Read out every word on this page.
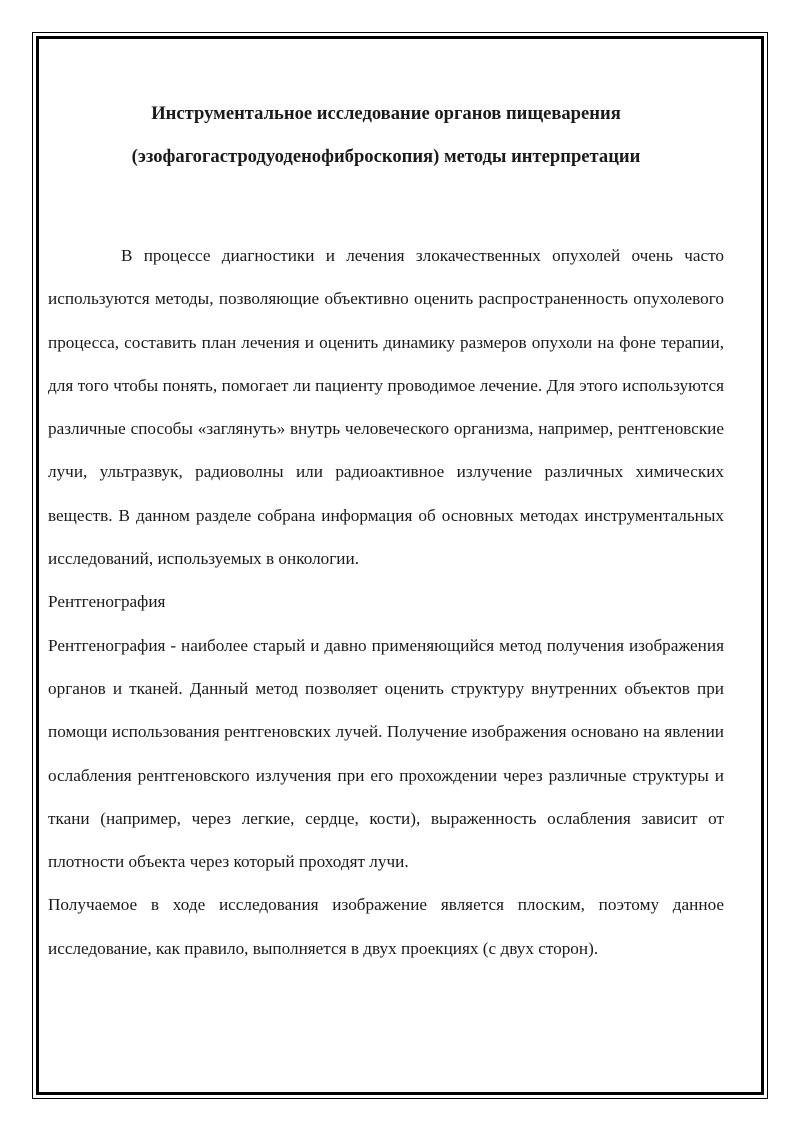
Инструментальное исследование органов пищеварения
(эзофагогастродуоденофиброскопия) методы интерпретации

В процессе диагностики и лечения злокачественных опухолей очень часто используются методы, позволяющие объективно оценить распространенность опухолевого процесса, составить план лечения и оценить динамику размеров опухоли на фоне терапии, для того чтобы понять, помогает ли пациенту проводимое лечение. Для этого используются различные способы «заглянуть» внутрь человеческого организма, например, рентгеновские лучи, ультразвук, радиоволны или радиоактивное излучение различных химических веществ. В данном разделе собрана информация об основных методах инструментальных исследований, используемых в онкологии.

Рентгенография

Рентгенография - наиболее старый и давно применяющийся метод получения изображения органов и тканей. Данный метод позволяет оценить структуру внутренних объектов при помощи использования рентгеновских лучей. Получение изображения основано на явлении ослабления рентгеновского излучения при его прохождении через различные структуры и ткани (например, через легкие, сердце, кости), выраженность ослабления зависит от плотности объекта через который проходят лучи.

Получаемое в ходе исследования изображение является плоским, поэтому данное исследование, как правило, выполняется в двух проекциях (с двух сторон).
